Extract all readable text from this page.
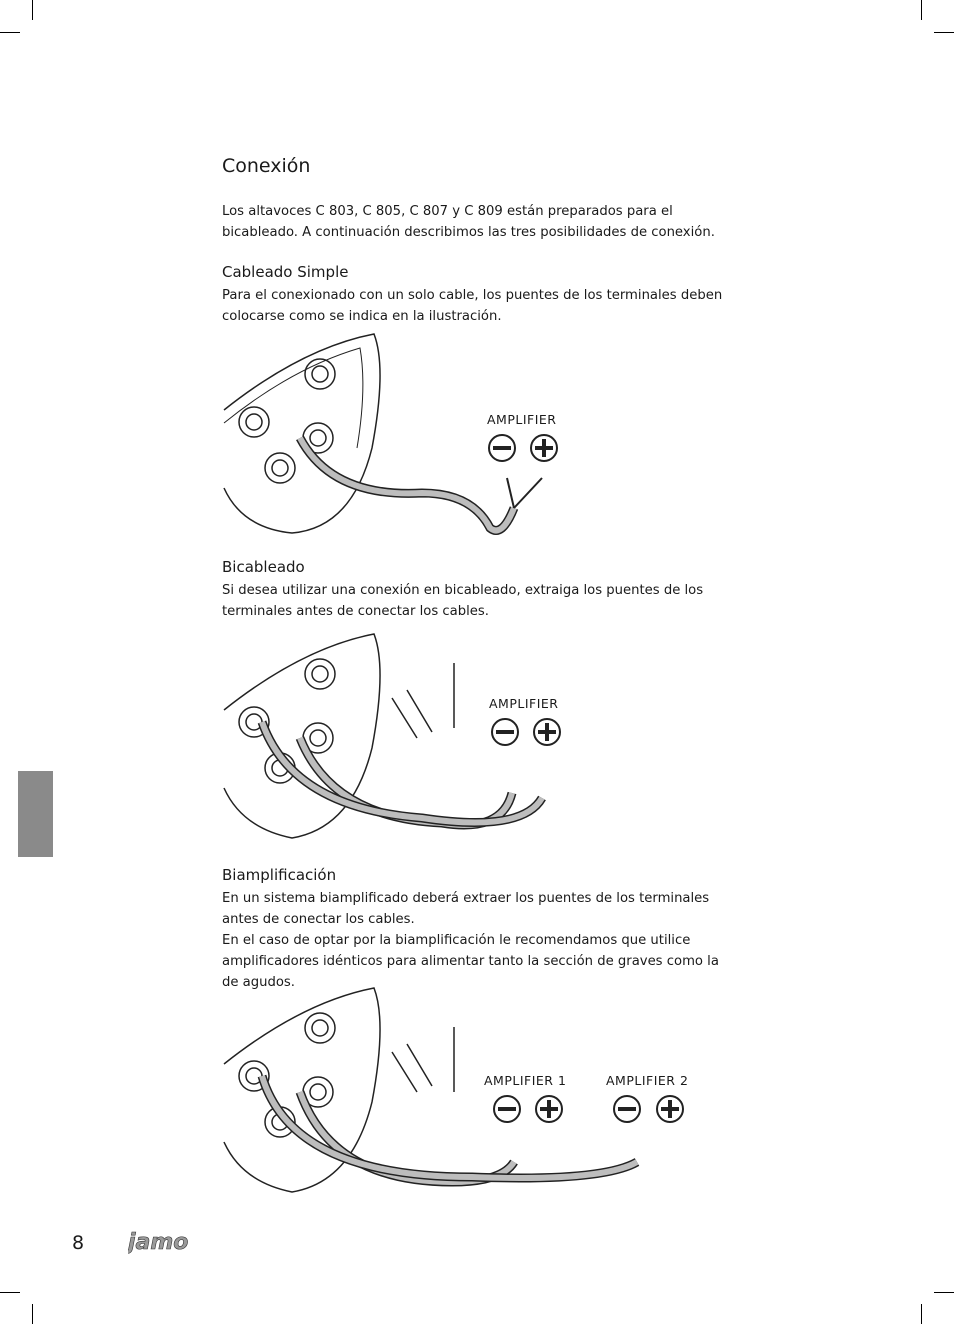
Conexión
Los altavoces C 803, C 805, C 807 y C 809 están preparados para el bicableado. A continuación describimos las tres posibilidades de conexión.
Cableado Simple
Para el conexionado con un solo cable, los puentes de los terminales deben colocarse como se indica en la ilustración.
AMPLIFIER
Bicableado
Si desea utilizar una conexión en bicableado, extraiga los puentes de los terminales antes de conectar los cables.
AMPLIFIER
Biamplificación
En un sistema biamplificado deberá extraer los puentes de los terminales antes de conectar los cables.
En el caso de optar por la biamplificación le recomendamos que utilice amplificadores idénticos para alimentar tanto la sección de graves como la de agudos.
AMPLIFIER 1	AMPLIFIER 2
8 jamo
